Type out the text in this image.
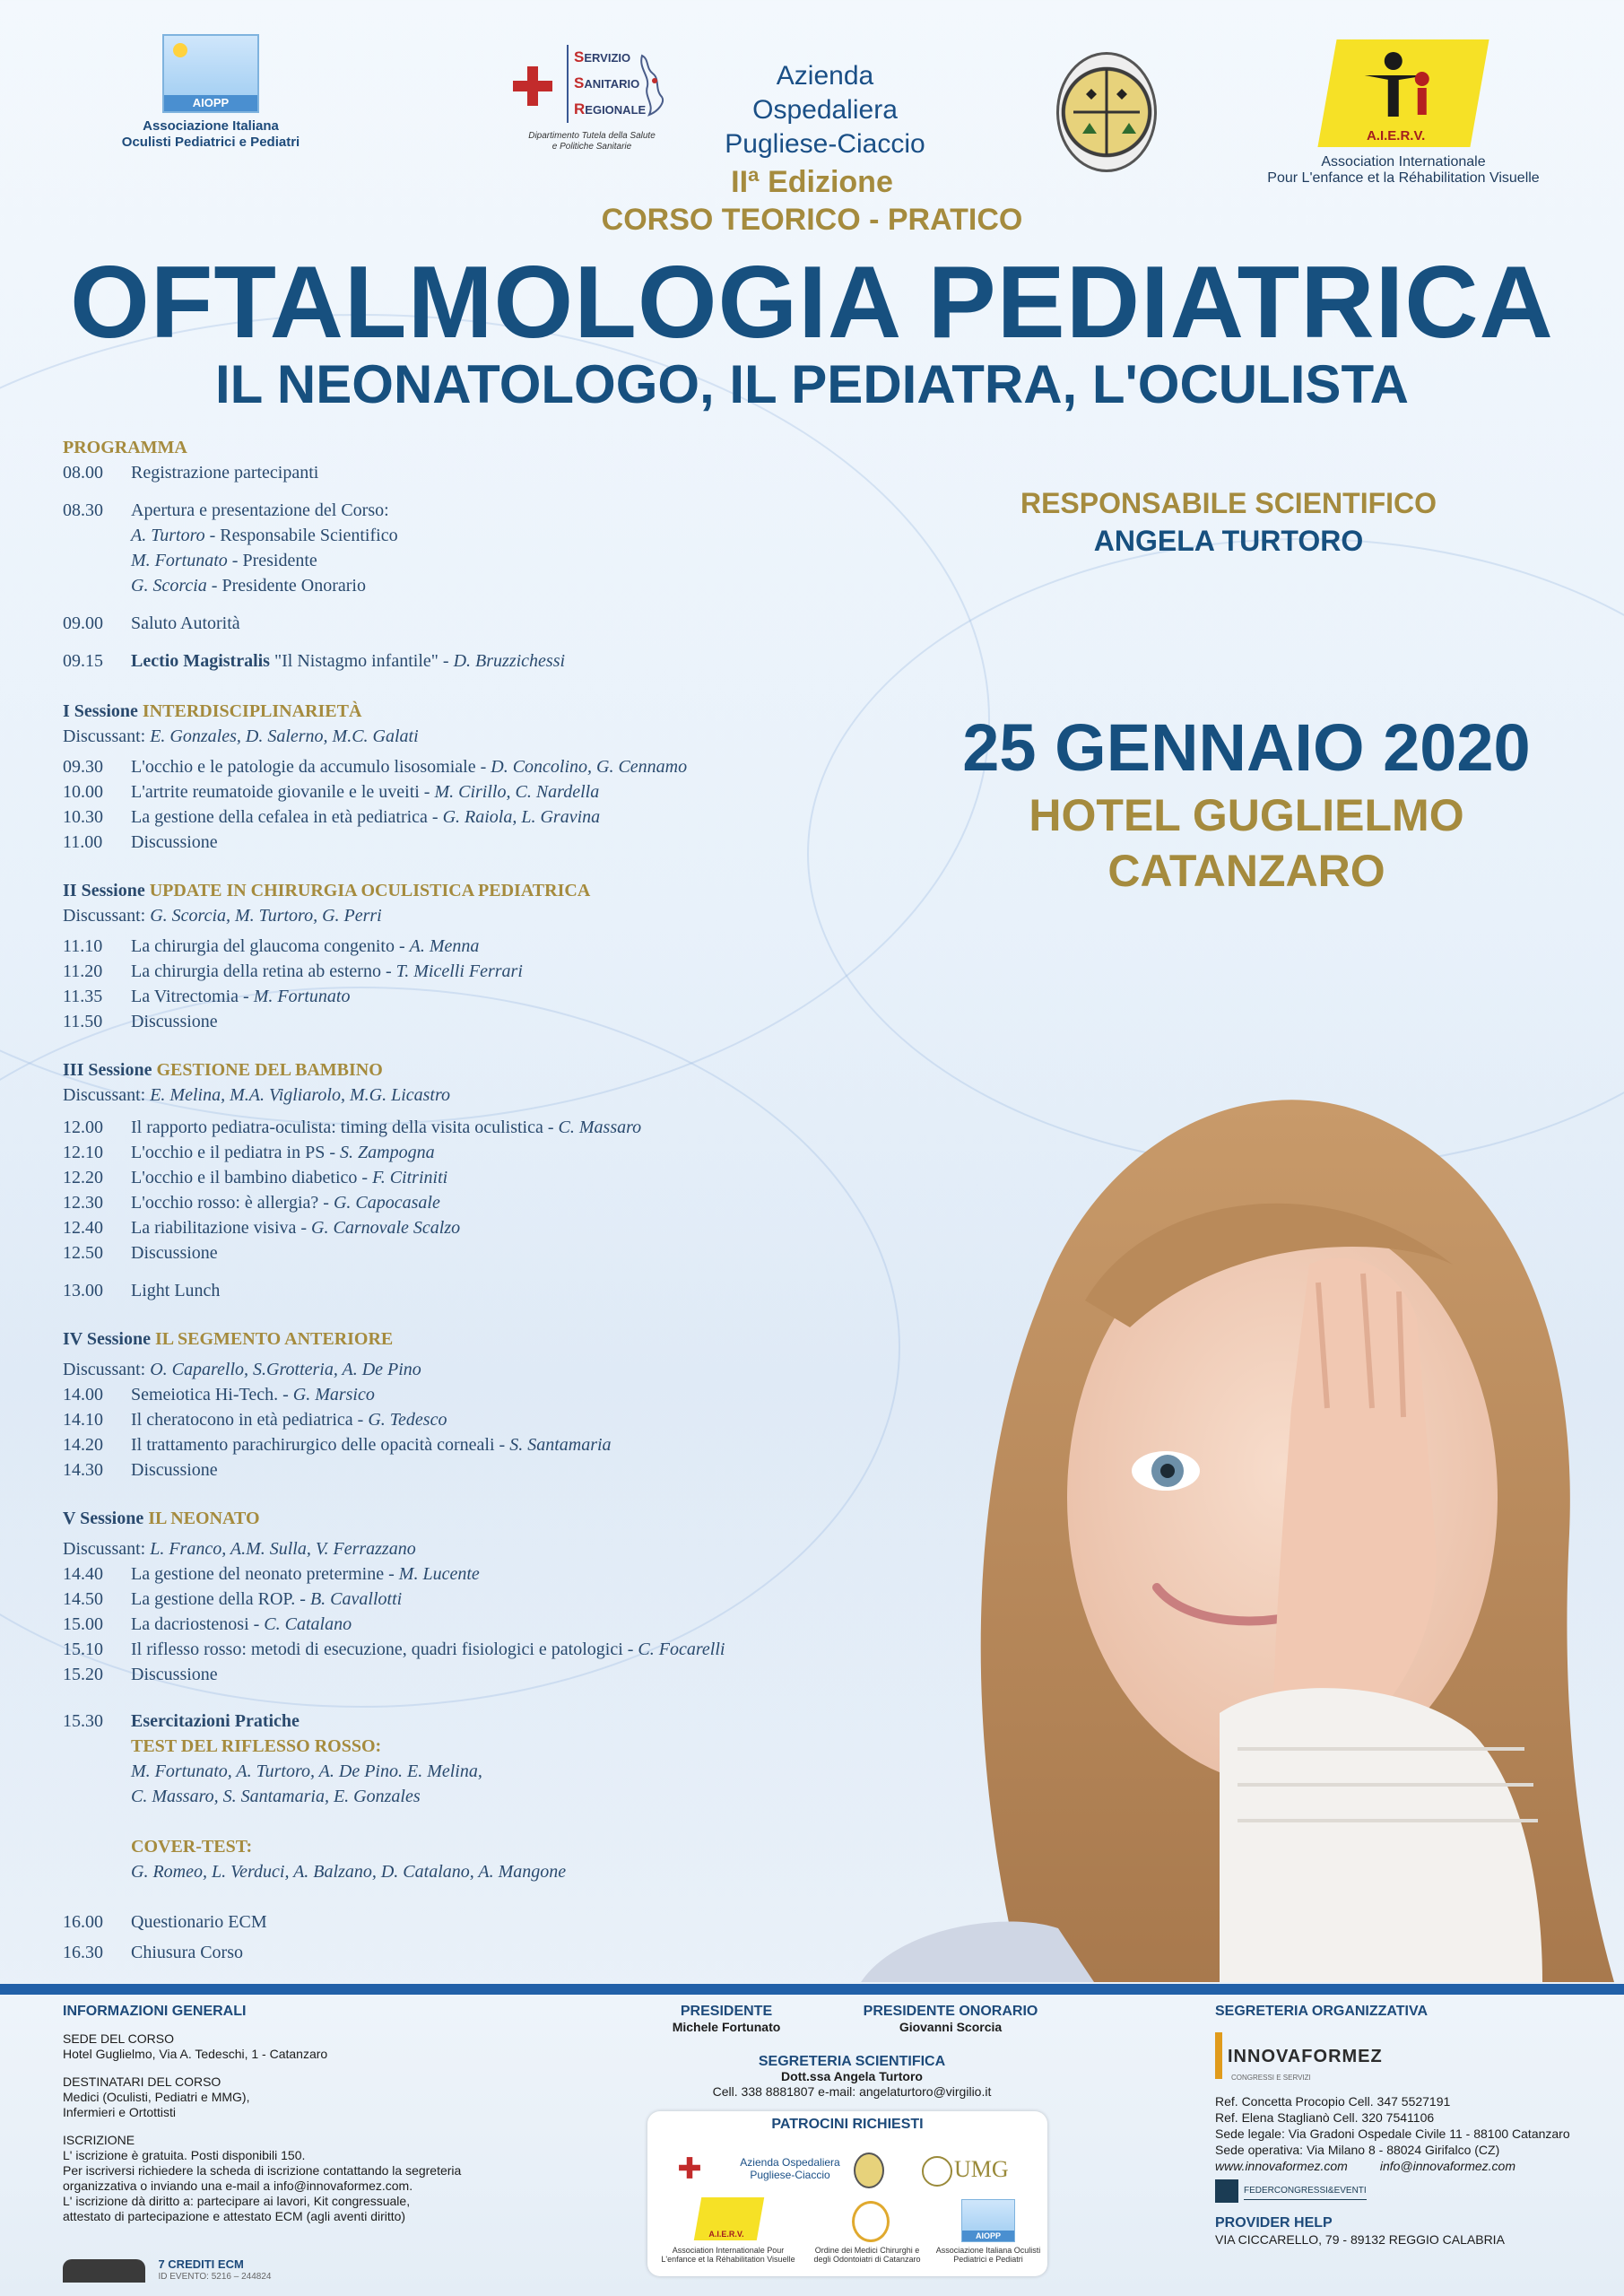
AIOPP
Associazione Italiana
Oculisti Pediatrici e Pediatri
SERVIZIO
SANITARIO
REGIONALE
Dipartimento Tutela della Salute
e Politiche Sanitarie
Azienda Ospedaliera
Pugliese-Ciaccio	A.I.E.R.V.
Association Internationale
Pour L'enfance et la Réhabilitation Visuelle
IIª Edizione
CORSO TEORICO - PRATICO
OFTALMOLOGIA PEDIATRICA
IL NEONATOLOGO, IL PEDIATRA, L'OCULISTA
PROGRAMMA
08.00 Registrazione partecipanti
08.30 Apertura e presentazione del Corso:
A. Turtoro - Responsabile Scientifico
M. Fortunato - Presidente
G. Scorcia - Presidente Onorario
09.00 Saluto Autorità
09.15 Lectio Magistralis "Il Nistagmo infantile" - D. Bruzzichessi
I Sessione INTERDISCIPLINARIETÀ
Discussant: E. Gonzales, D. Salerno, M.C. Galati
09.30 L'occhio e le patologie da accumulo lisosomiale - D. Concolino, G. Cennamo
10.00 L'artrite reumatoide giovanile e le uveiti - M. Cirillo, C. Nardella
10.30 La gestione della cefalea in età pediatrica - G. Raiola, L. Gravina
11.00 Discussione
II Sessione UPDATE IN CHIRURGIA OCULISTICA PEDIATRICA
Discussant: G. Scorcia, M. Turtoro, G. Perri
11.10 La chirurgia del glaucoma congenito - A. Menna
11.20 La chirurgia della retina ab esterno - T. Micelli Ferrari
11.35 La Vitrectomia - M. Fortunato
11.50 Discussione
III Sessione GESTIONE DEL BAMBINO
Discussant: E. Melina, M.A. Vigliarolo, M.G. Licastro
12.00 Il rapporto pediatra-oculista: timing della visita oculistica - C. Massaro
12.10 L'occhio e il pediatra in PS - S. Zampogna
12.20 L'occhio e il bambino diabetico - F. Citriniti
12.30 L'occhio rosso: è allergia? - G. Capocasale
12.40 La riabilitazione visiva - G. Carnovale Scalzo
12.50 Discussione
13.00 Light Lunch
IV Sessione IL SEGMENTO ANTERIORE
Discussant: O. Caparello, S.Grotteria, A. De Pino
14.00 Semeiotica Hi-Tech. - G. Marsico
14.10 Il cheratocono in età pediatrica - G. Tedesco
14.20 Il trattamento parachirurgico delle opacità corneali - S. Santamaria
14.30 Discussione
V Sessione IL NEONATO
Discussant: L. Franco, A.M. Sulla, V. Ferrazzano
14.40 La gestione del neonato pretermine - M. Lucente
14.50 La gestione della ROP. - B. Cavallotti
15.00 La dacriostenosi - C. Catalano
15.10 Il riflesso rosso: metodi di esecuzione, quadri fisiologici e patologici - C. Focarelli
15.20 Discussione
15.30 Esercitazioni Pratiche
TEST DEL RIFLESSO ROSSO:
M. Fortunato, A. Turtoro, A. De Pino. E. Melina,
C. Massaro, S. Santamaria, E. Gonzales
COVER-TEST:
G. Romeo, L. Verduci, A. Balzano, D. Catalano, A. Mangone
16.00 Questionario ECM
16.30 Chiusura Corso
RESPONSABILE SCIENTIFICO
ANGELA TURTORO
25 GENNAIO 2020
HOTEL GUGLIELMO
CATANZARO
INFORMAZIONI GENERALI
SEDE DEL CORSO
Hotel Guglielmo, Via A. Tedeschi, 1 - Catanzaro
DESTINATARI DEL CORSO
Medici (Oculisti, Pediatri e MMG),
Infermieri e Ortottisti
ISCRIZIONE
L' iscrizione è gratuita. Posti disponibili 150.
Per iscriversi richiedere la scheda di iscrizione contattando la segreteria
organizzativa o inviando una e-mail a info@innovaformez.com.
L' iscrizione dà diritto a: partecipare ai lavori, Kit congressuale,
attestato di partecipazione e attestato ECM (agli aventi diritto)
7 CREDITI ECM
ID EVENTO: 5216 – 244824
PRESIDENTE
Michele Fortunato
PRESIDENTE ONORARIO
Giovanni Scorcia
SEGRETERIA SCIENTIFICA
Dott.ssa Angela Turtoro
Cell. 338 8881807 e-mail: angelaturtoro@virgilio.it
PATROCINI RICHIESTI
Azienda Ospedaliera Pugliese-Ciaccio	UMG
A.I.E.R.V.
Association Internationale Pour L'enfance et la Réhabilitation Visuelle
Ordine dei Medici Chirurghi e degli Odontoiatri di Catanzaro
AIOPP
Associazione Italiana Oculisti Pediatrici e Pediatri
SEGRETERIA ORGANIZZATIVA
INNOVAFORMEZ
CONGRESSI E SERVIZI
Ref. Concetta Procopio Cell. 347 5527191
Ref. Elena Staglianò Cell. 320 7541106
Sede legale: Via Gradoni Ospedale Civile 11 - 88100 Catanzaro
Sede operativa: Via Milano 8 - 88024 Girifalco (CZ)
www.innovaformez.com	info@innovaformez.com
FEDERCONGRESSI&EVENTI
PROVIDER HELP
VIA CICCARELLO, 79 - 89132 REGGIO CALABRIA
